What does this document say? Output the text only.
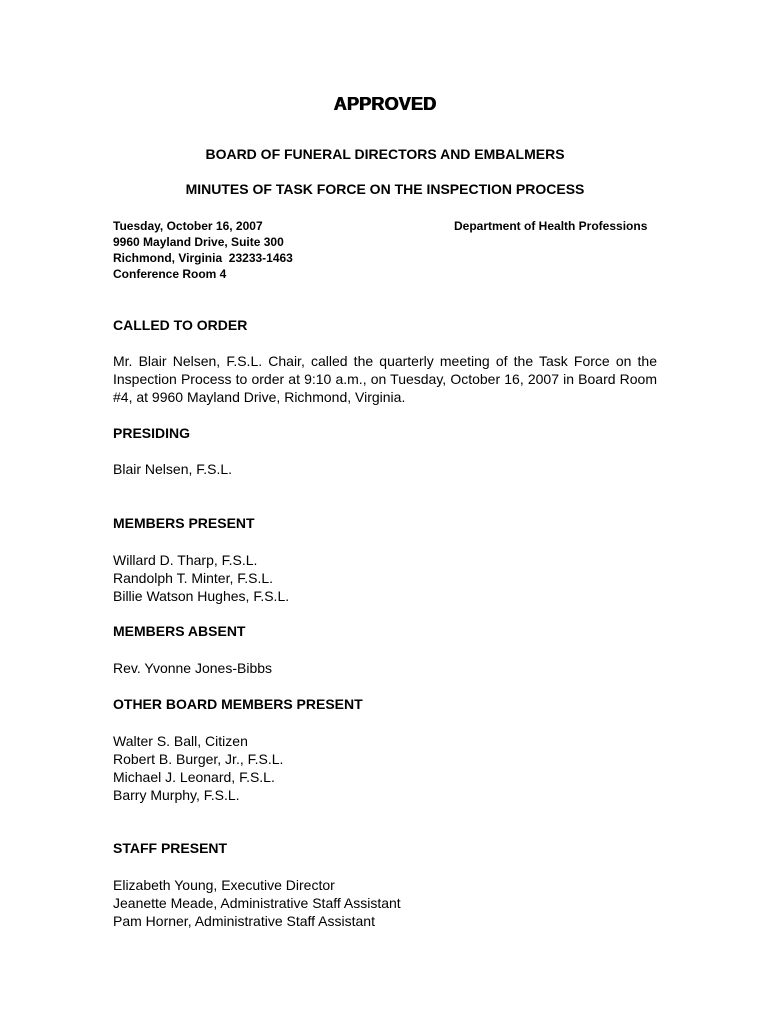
APPROVED
BOARD OF FUNERAL DIRECTORS AND EMBALMERS
MINUTES OF TASK FORCE ON THE INSPECTION PROCESS
Tuesday, October 16, 2007
9960 Mayland Drive, Suite 300
Richmond, Virginia  23233-1463
Conference Room 4
Department of Health Professions
CALLED TO ORDER
Mr. Blair Nelsen, F.S.L. Chair, called the quarterly meeting of the Task Force on the Inspection Process to order at 9:10 a.m., on Tuesday, October 16, 2007 in Board Room #4, at 9960 Mayland Drive, Richmond, Virginia.
PRESIDING
Blair Nelsen, F.S.L.
MEMBERS PRESENT
Willard D. Tharp, F.S.L.
Randolph T. Minter, F.S.L.
Billie Watson Hughes, F.S.L.
MEMBERS ABSENT
Rev. Yvonne Jones-Bibbs
OTHER BOARD MEMBERS PRESENT
Walter S. Ball, Citizen
Robert B. Burger, Jr., F.S.L.
Michael J. Leonard, F.S.L.
Barry Murphy, F.S.L.
STAFF PRESENT
Elizabeth Young, Executive Director
Jeanette Meade, Administrative Staff Assistant
Pam Horner, Administrative Staff Assistant
